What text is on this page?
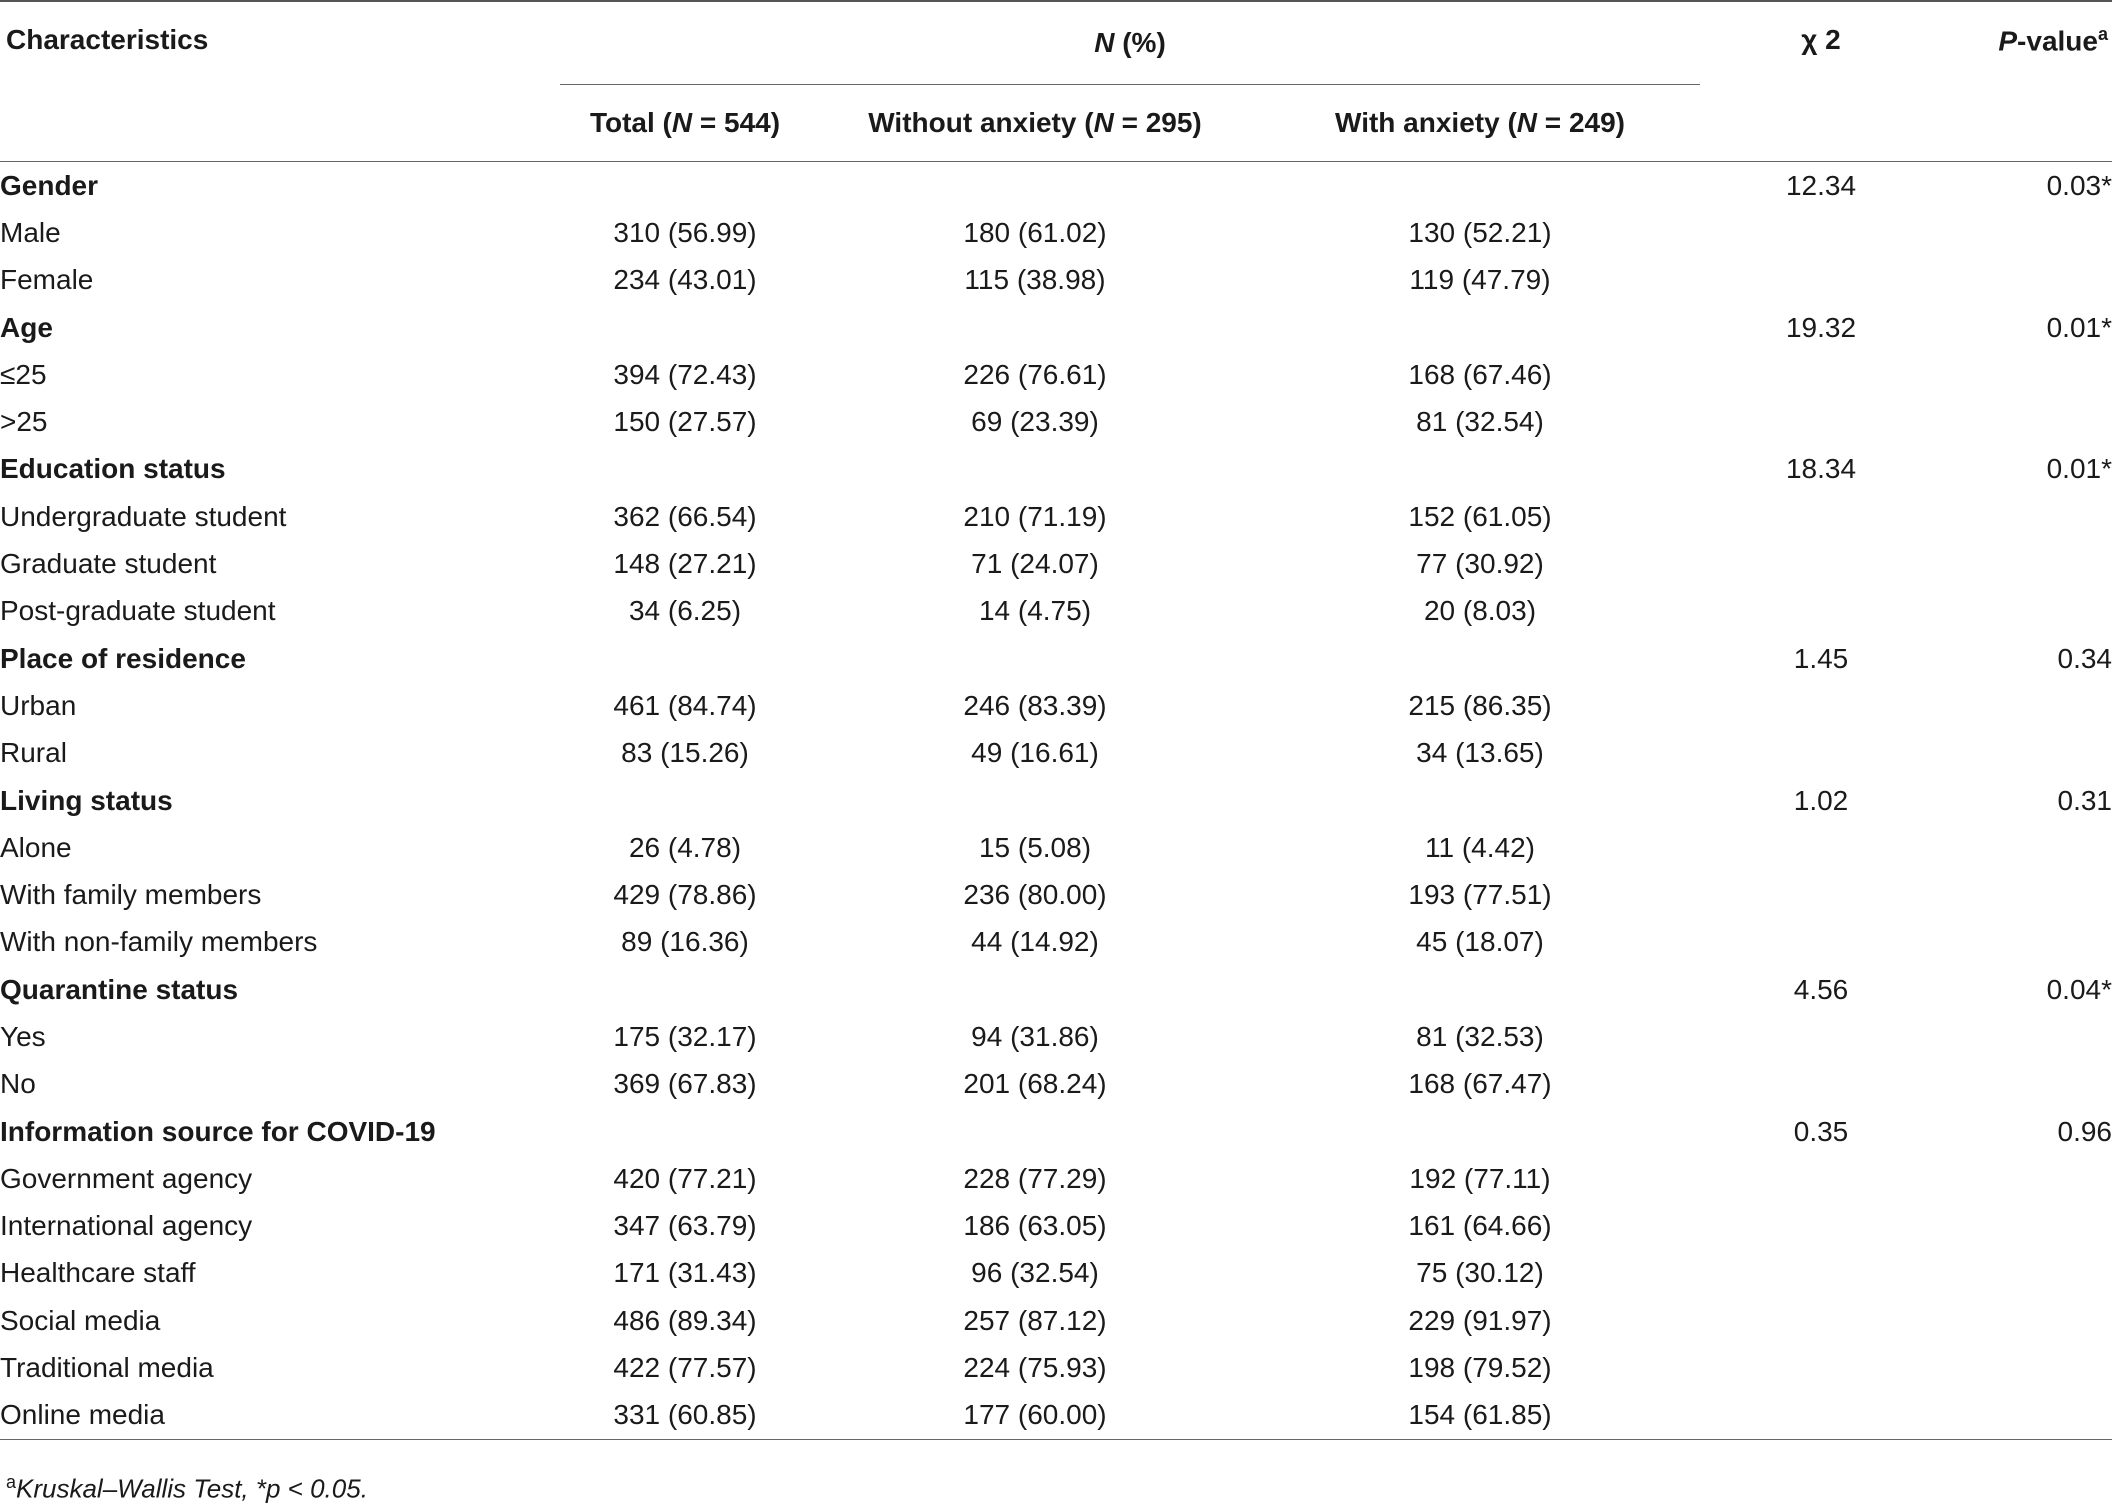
Characteristics	N (%)			χ 2	P-value$^a$
	Total (N = 544)	Without anxiety (N = 295)	With anxiety (N = 249)		

Gender				12.34	0.03*
Male	310 (56.99)	180 (61.02)	130 (52.21)		
Female	234 (43.01)	115 (38.98)	119 (47.79)		
Age				19.32	0.01*
≤25	394 (72.43)	226 (76.61)	168 (67.46)		
>25	150 (27.57)	69 (23.39)	81 (32.54)		
Education status				18.34	0.01*
Undergraduate student	362 (66.54)	210 (71.19)	152 (61.05)		
Graduate student	148 (27.21)	71 (24.07)	77 (30.92)		
Post-graduate student	34 (6.25)	14 (4.75)	20 (8.03)		
Place of residence				1.45	0.34
Urban	461 (84.74)	246 (83.39)	215 (86.35)		
Rural	83 (15.26)	49 (16.61)	34 (13.65)		
Living status				1.02	0.31
Alone	26 (4.78)	15 (5.08)	11 (4.42)		
With family members	429 (78.86)	236 (80.00)	193 (77.51)		
With non-family members	89 (16.36)	44 (14.92)	45 (18.07)		
Quarantine status				4.56	0.04*
Yes	175 (32.17)	94 (31.86)	81 (32.53)		
No	369 (67.83)	201 (68.24)	168 (67.47)		
Information source for COVID-19				0.35	0.96
Government agency	420 (77.21)	228 (77.29)	192 (77.11)		
International agency	347 (63.79)	186 (63.05)	161 (64.66)		
Healthcare staff	171 (31.43)	96 (32.54)	75 (30.12)		
Social media	486 (89.34)	257 (87.12)	229 (91.97)		
Traditional media	422 (77.57)	224 (75.93)	198 (79.52)		
Online media	331 (60.85)	177 (60.00)	154 (61.85)		

$^a$Kruskal–Wallis Test, *p < 0.05.
